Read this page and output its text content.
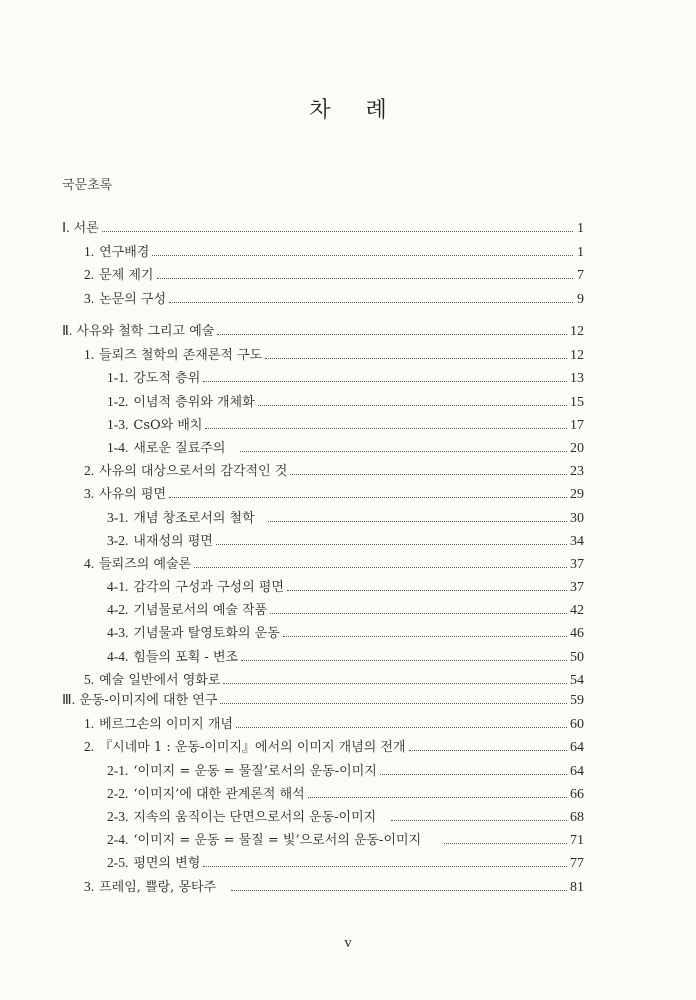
차 례
국문초록
Ⅰ. 서론	1
1. 연구배경	1
2. 문제 제기	7
3. 논문의 구성	9
Ⅱ. 사유와 철학 그리고 예술	12
1. 들뢰즈 철학의 존재론적 구도	12
1-1. 강도적 층위	13
1-2. 이념적 층위와 개체화	15
1-3. CsO와 배치	17
1-4. 새로운 질료주의	20
2. 사유의 대상으로서의 감각적인 것	23
3. 사유의 평면	29
3-1. 개념 창조로서의 철학	30
3-2. 내재성의 평면	34
4. 들뢰즈의 예술론	37
4-1. 감각의 구성과 구성의 평면	37
4-2. 기념물로서의 예술 작품	42
4-3. 기념물과 탈영토화의 운동	46
4-4. 힘들의 포획 - 변조	50
5. 예술 일반에서 영화로	54
Ⅲ. 운동-이미지에 대한 연구	59
1. 베르그손의 이미지 개념	60
2. 『시네마 1 : 운동-이미지』에서의 이미지 개념의 전개	64
2-1. ‘이미지 = 운동 = 물질’로서의 운동-이미지	64
2-2. ‘이미지’에 대한 관계론적 해석	66
2-3. 지속의 움직이는 단면으로서의 운동-이미지	68
2-4. ‘이미지 = 운동 = 물질 = 빛’으로서의 운동-이미지	71
2-5. 평면의 변형	77
3. 프레임, 쁠랑, 몽타주	81
v
